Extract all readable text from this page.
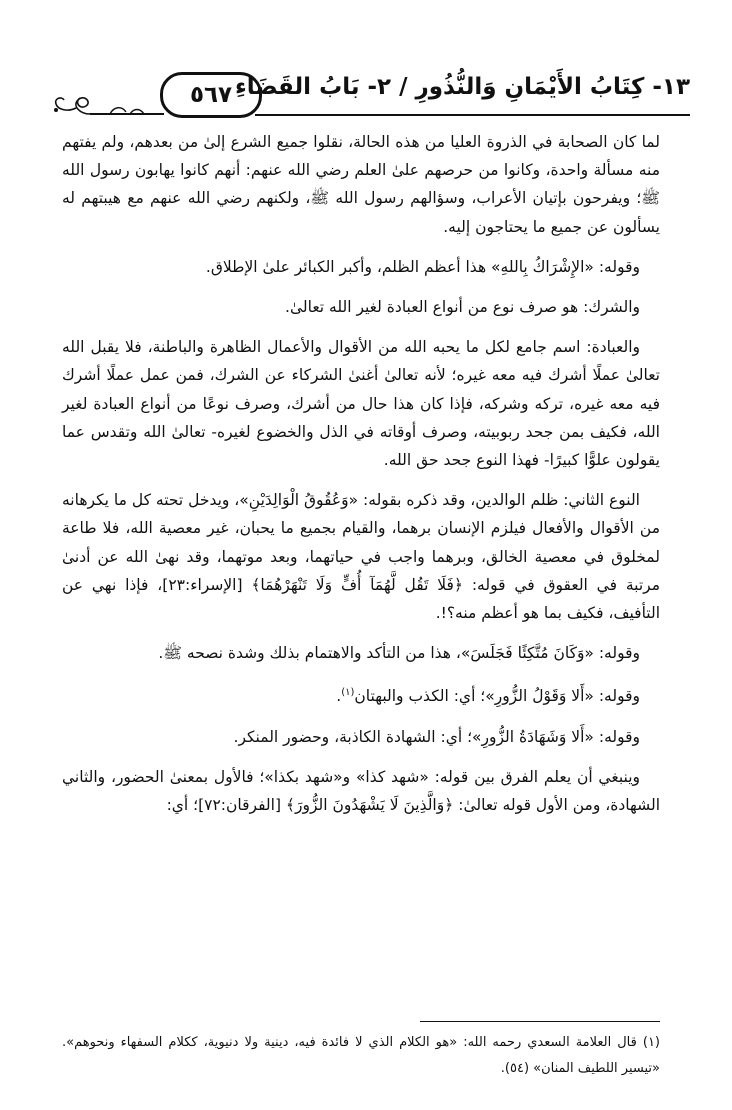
٥٦٧ ١٣- كِتَابُ الأَيْمَانِ وَالنُّذُورِ / ٢- بَابُ القَضَاءِ

لما كان الصحابة في الذروة العليا من هذه الحالة، نقلوا جميع الشرع إلىٰ من بعدهم، ولم يفتهم منه مسألة واحدة، وكانوا من حرصهم علىٰ العلم رضي الله عنهم: أنهم كانوا يهابون رسول الله ﷺ؛ ويفرحون بإتيان الأعراب، وسؤالهم رسول الله ﷺ، ولكنهم رضي الله عنهم مع هيبتهم له يسألون عن جميع ما يحتاجون إليه.

وقوله: «الإِشْرَاكُ بِاللهِ» هذا أعظم الظلم، وأكبر الكبائر علىٰ الإطلاق.

والشرك: هو صرف نوع من أنواع العبادة لغير الله تعالىٰ.

والعبادة: اسم جامع لكل ما يحبه الله من الأقوال والأعمال الظاهرة والباطنة، فلا يقبل الله تعالىٰ عملًا أشرك فيه معه غيره؛ لأنه تعالىٰ أغنىٰ الشركاء عن الشرك، فمن عمل عملًا أشرك فيه معه غيره، تركه وشركه، فإذا كان هذا حال من أشرك، وصرف نوعًا من أنواع العبادة لغير الله، فكيف بمن جحد ربوبيته، وصرف أوقاته في الذل والخضوع لغيره- تعالىٰ الله وتقدس عما يقولون علوًّا كبيرًا- فهذا النوع جحد حق الله.

النوع الثاني: ظلم الوالدين، وقد ذكره بقوله: «وَعُقُوقُ الْوَالِدَيْنِ»، ويدخل تحته كل ما يكرهانه من الأقوال والأفعال فيلزم الإنسان برهما، والقيام بجميع ما يحبان، غير معصية الله، فلا طاعة لمخلوق في معصية الخالق، وبرهما واجب في حياتهما، وبعد موتهما، وقد نهىٰ الله عن أدنىٰ مرتبة في العقوق في قوله: ﴿فَلَا تَقُل لَّهُمَآ أُفٍّ وَلَا تَنْهَرْهُمَا﴾ [الإسراء:٢٣]، فإذا نهي عن التأفيف، فكيف بما هو أعظم منه؟!.

وقوله: «وَكَانَ مُتَّكِئًا فَجَلَسَ»، هذا من التأكد والاهتمام بذلك وشدة نصحه ﷺ.

وقوله: «أَلا وَقَوْلُ الزُّورِ»؛ أي: الكذب والبهتان$^{(١)}$.

وقوله: «أَلا وَشَهَادَةُ الزُّورِ»؛ أي: الشهادة الكاذبة، وحضور المنكر.

وينبغي أن يعلم الفرق بين قوله: «شهد كذا» و«شهد بكذا»؛ فالأول بمعنىٰ الحضور، والثاني الشهادة، ومن الأول قوله تعالىٰ: ﴿وَالَّذِينَ لَا يَشْهَدُونَ الزُّورَ﴾ [الفرقان:٧٢]؛ أي:

(١) قال العلامة السعدي رحمه الله: «هو الكلام الذي لا فائدة فيه، دينية ولا دنيوية، ككلام السفهاء ونحوهم». «تيسير اللطيف المنان» (٥٤).
